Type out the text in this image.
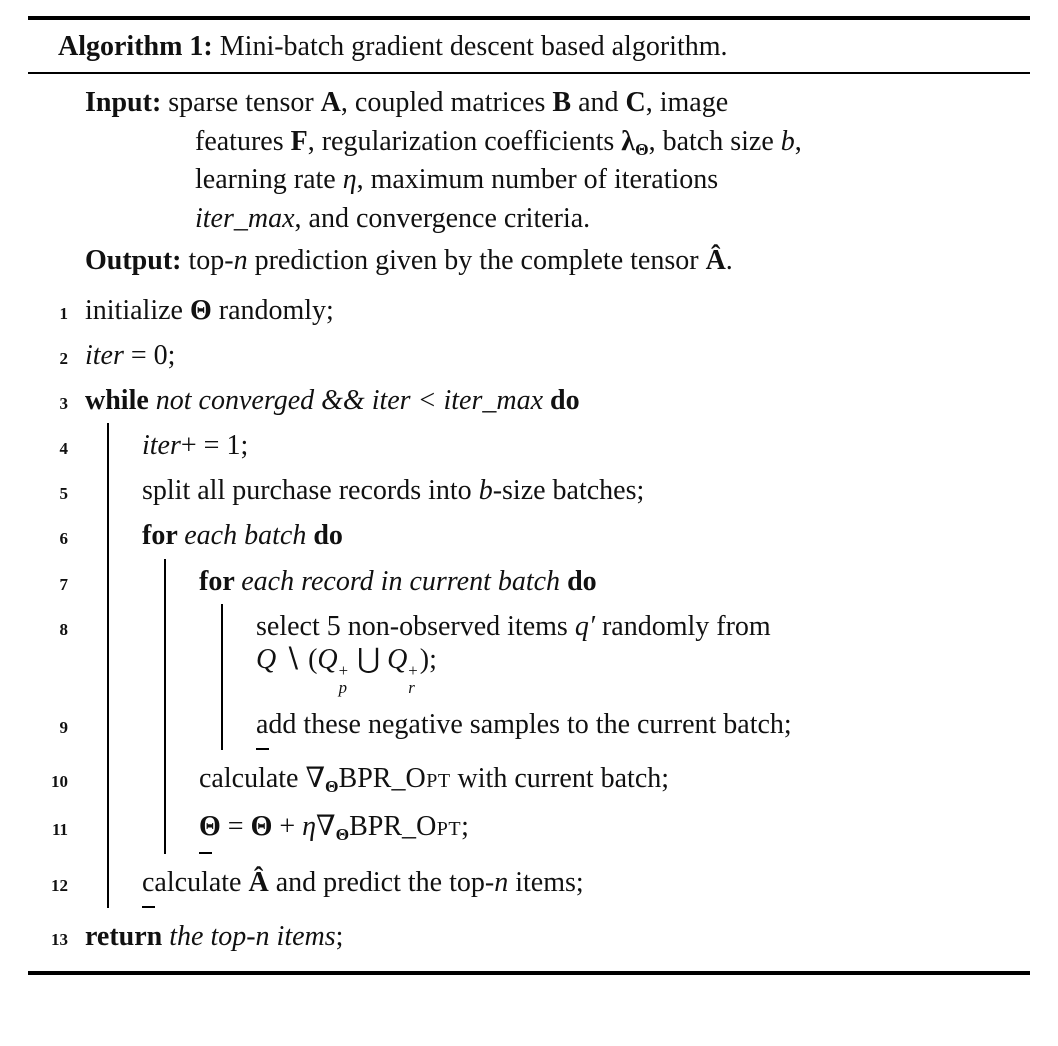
Algorithm 1: Mini-batch gradient descent based algorithm.
Input: sparse tensor A, coupled matrices B and C, image
features F, regularization coefficients λΘ, batch size b,
learning rate η, maximum number of iterations
iter_max, and convergence criteria.
Output: top-n prediction given by the complete tensor Â.
1 initialize Θ randomly;
2 iter = 0;
3 while not converged && iter < iter_max do
4	iter+ = 1;
5	split all purchase records into b-size batches;
6	for each batch do
7	for each record in current batch do
8	select 5 non-observed items q′ randomly from
Q ∖ (Q +
p
⋃ Q +
r
);
9	add these negative samples to the current batch;
10	calculate ∇ΘBPR_Opt with current batch;
11	Θ = Θ + η∇ΘBPR_Opt;
12	calculate Â and predict the top-n items;
13 return the top-n items;
